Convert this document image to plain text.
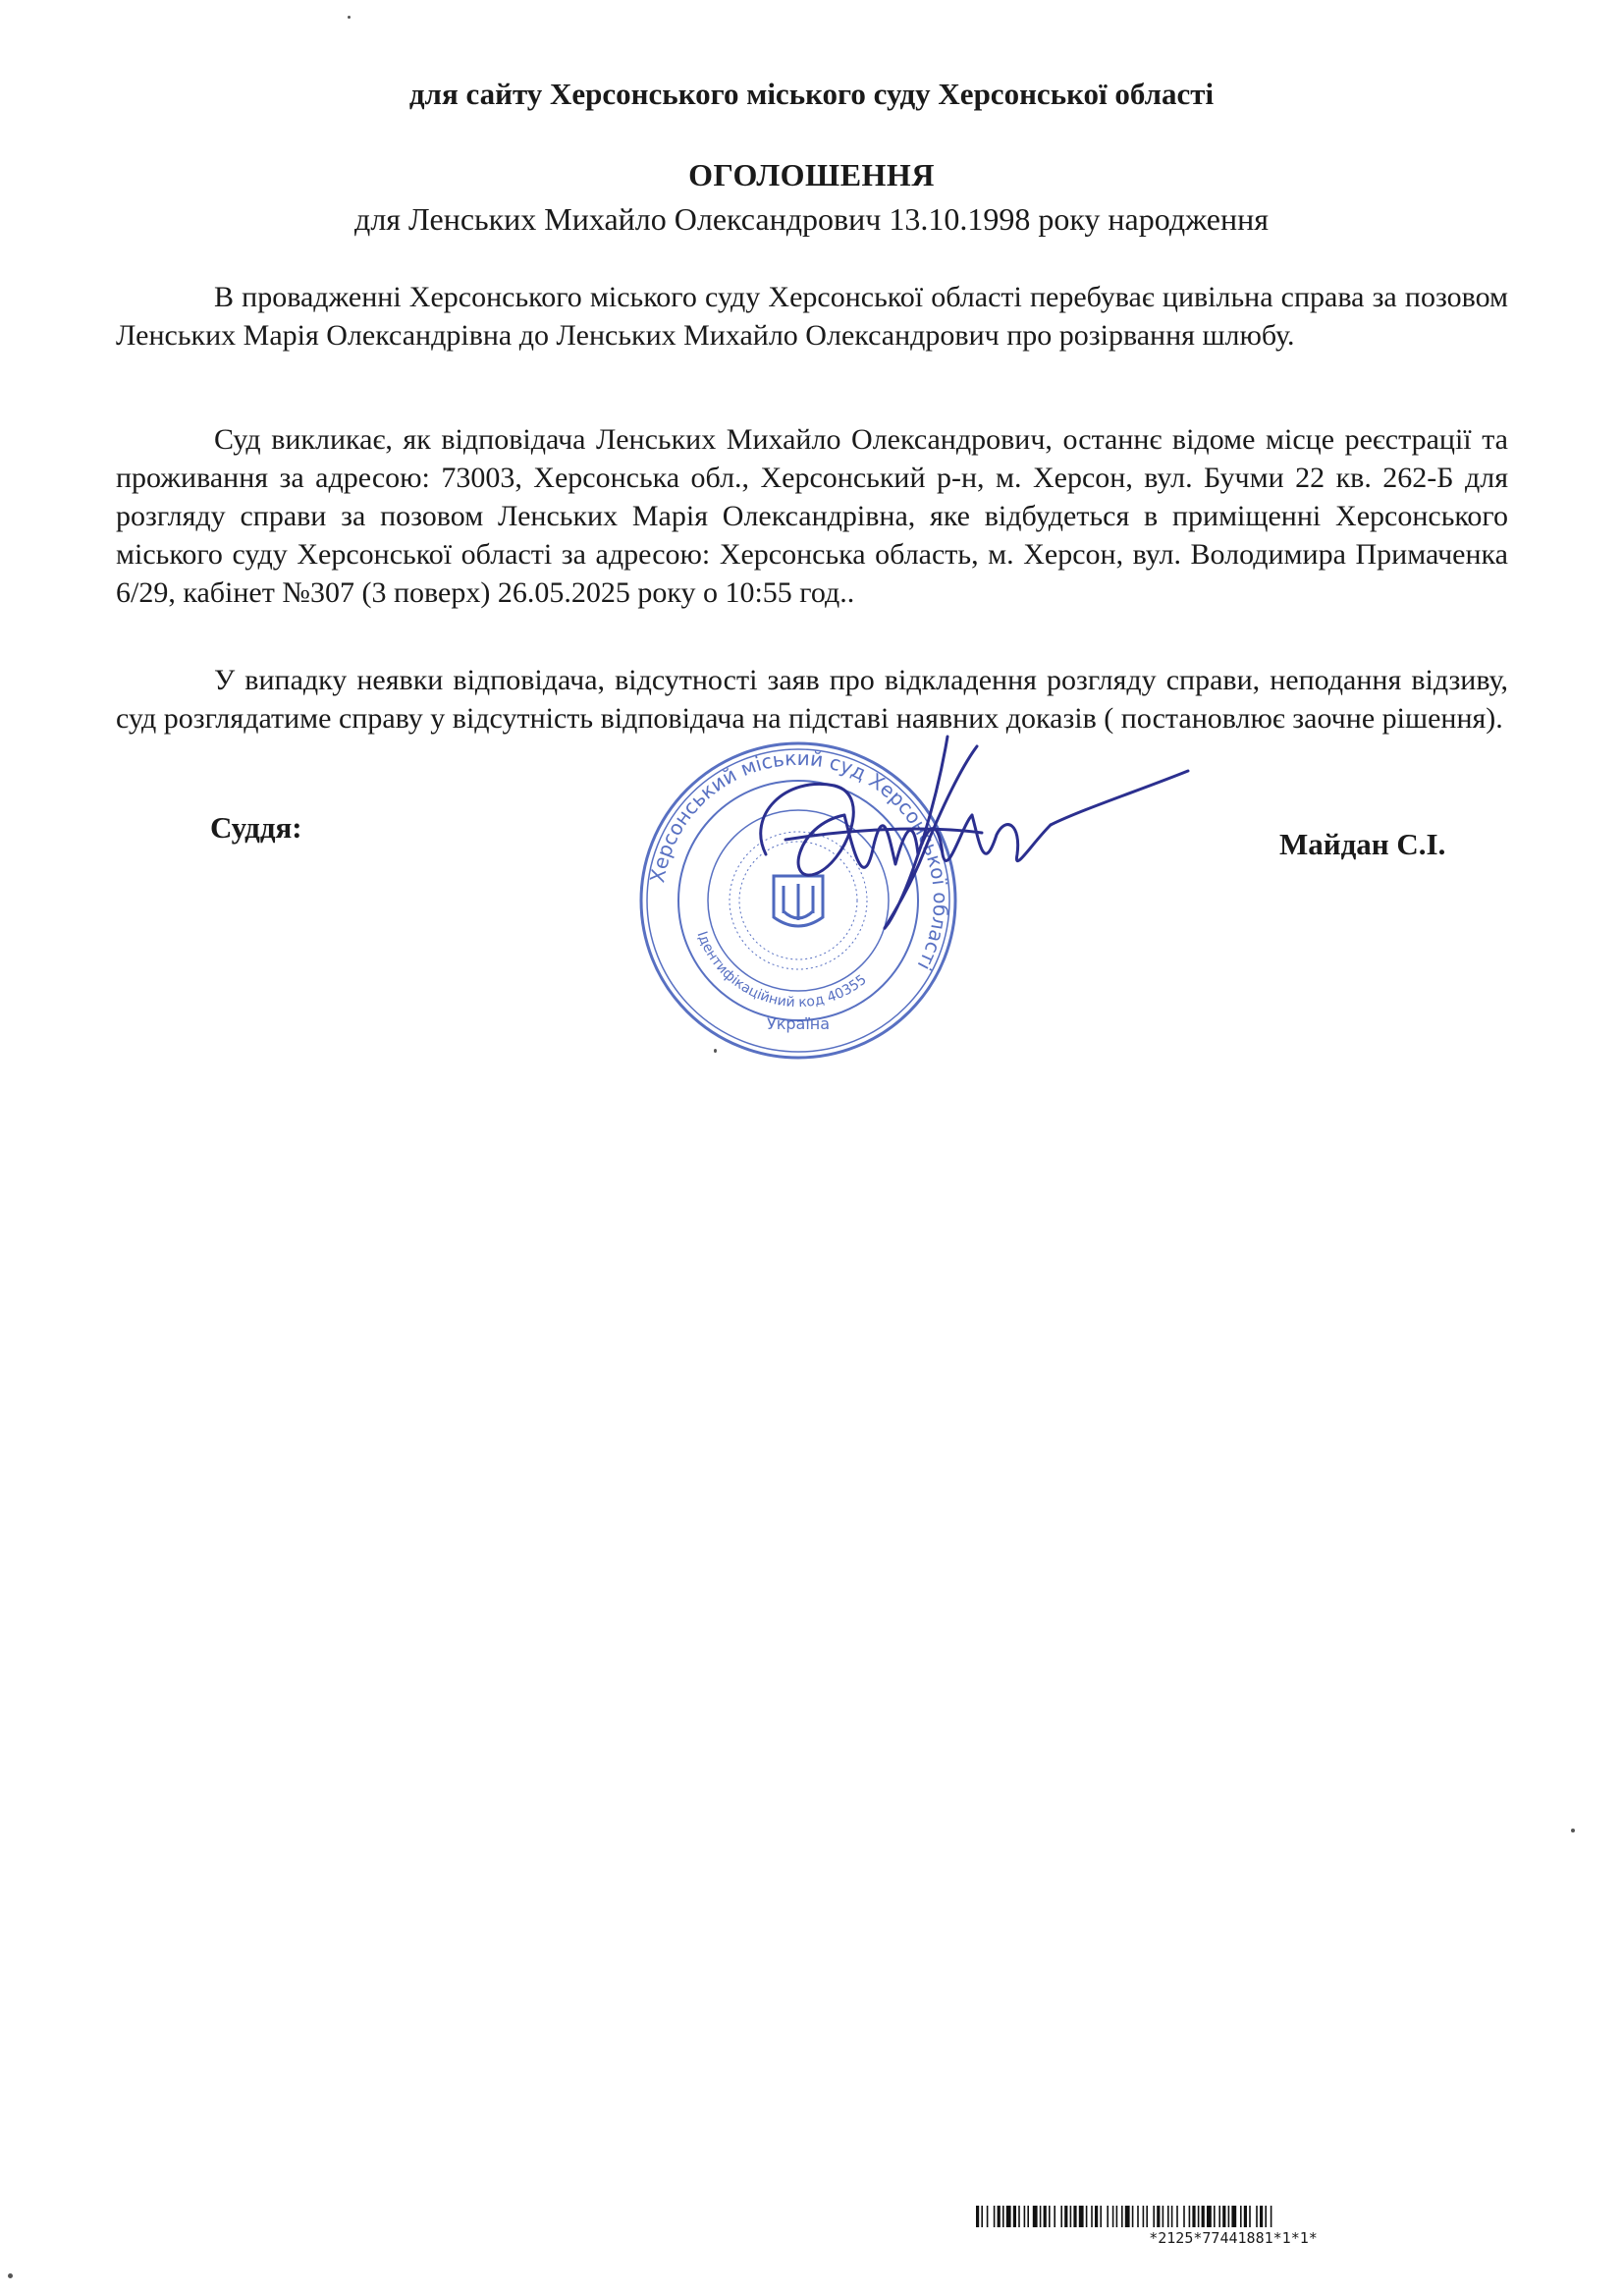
для сайту Херсонського міського суду Херсонської області
ОГОЛОШЕННЯ
для Ленських Михайло Олександрович 13.10.1998 року народження

В провадженні Херсонського міського суду Херсонської області перебуває цивільна справа за позовом Ленських Марія Олександрівна до Ленських Михайло Олександрович про розірвання шлюбу.

Суд викликає, як відповідача Ленських Михайло Олександрович, останнє відоме місце реєстрації та проживання за адресою: 73003, Херсонська обл., Херсонський р-н, м. Херсон, вул. Бучми 22 кв. 262-Б для розгляду справи за позовом Ленських Марія Олександрівна, яке відбудеться в приміщенні Херсонського міського суду Херсонської області за адресою: Херсонська область, м. Херсон, вул. Володимира Примаченка 6/29, кабінет №307 (3 поверх) 26.05.2025 року о 10:55 год..

У випадку неявки відповідача, відсутності заяв про відкладення розгляду справи, неподання відзиву, суд розглядатиме справу у відсутність відповідача на підставі наявних доказів ( постановлює заочне рішення).

Суддя:	Майдан С.І.
Херсонський міський суд Херсонської області
Ідентифікаційний код 40355
Україна
*2125*77441881*1*1*
